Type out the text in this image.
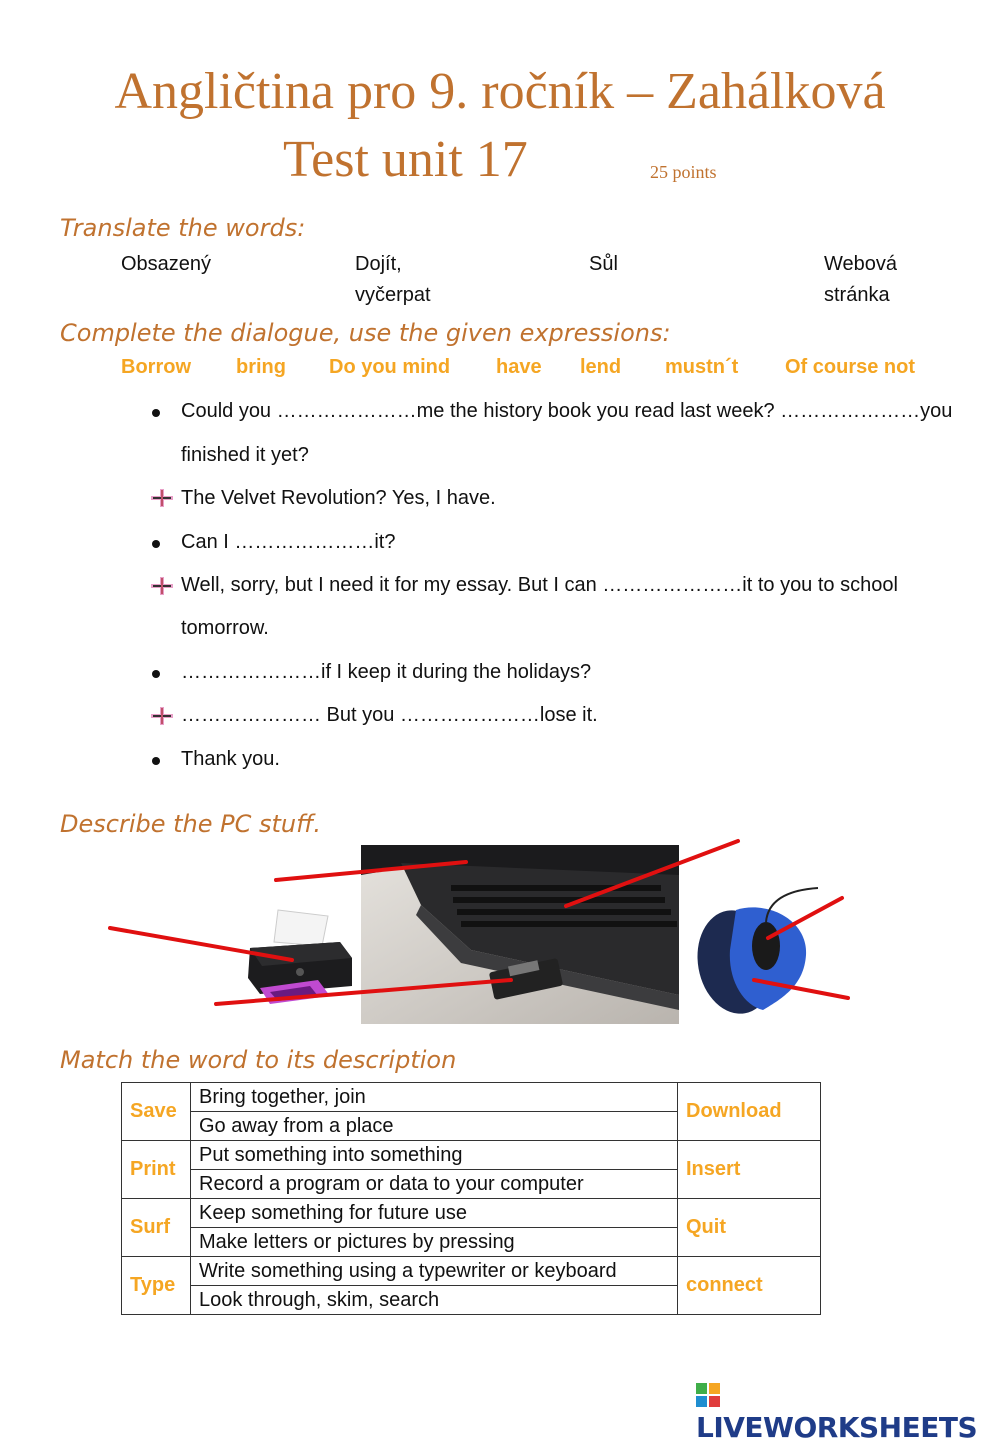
Angličtina pro 9. ročník – Zahálková
Test unit 17	25 points
Translate the words:
Obsazený	Dojít,
vyčerpat
Sůl	Webová
stránka
Complete the dialogue, use the given expressions:
Borrow bring Do you mind have lend mustn´t Of course not
Could you …………………me the history book you read last week? …………………you
finished it yet?
The Velvet Revolution? Yes, I have.
Can I …………………it?
Well, sorry, but I need it for my essay. But I can …………………it to you to school
tomorrow.
…………………if I keep it during the holidays?
………………… But you …………………lose it.
Thank you.
Describe the PC stuff.
Match the word to its description
Save	Bring together, join	Download
	Go away from a place	
Print	Put something into something	Insert
	Record a program or data to your computer	
Surf	Keep something for future use	Quit
	Make letters or pictures by pressing	
Type	Write something using a typewriter or keyboard	connect
	Look through, skim, search	
LIVEWORKSHEETS
